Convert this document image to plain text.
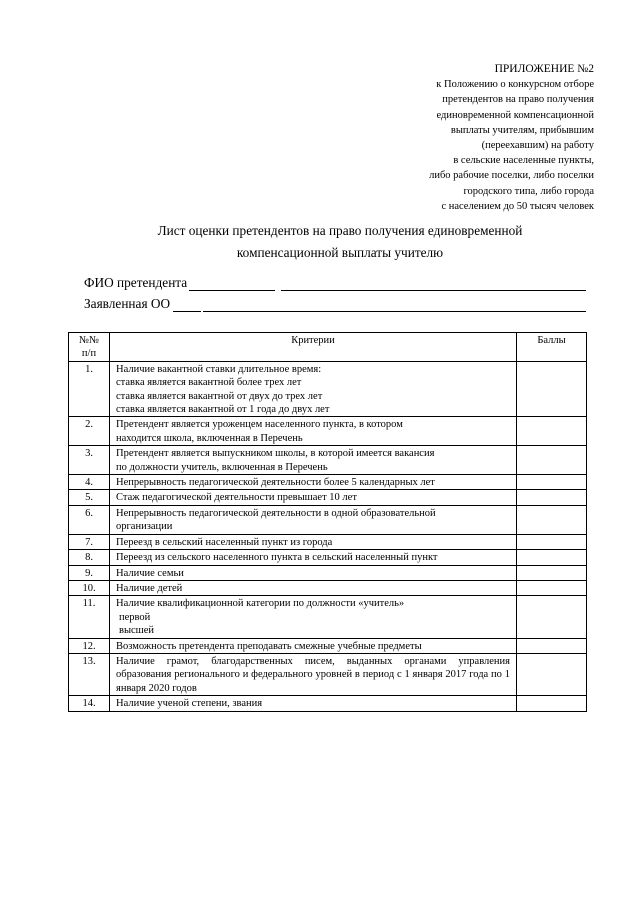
ПРИЛОЖЕНИЕ №2
к Положению о конкурсном отборе
претендентов на право получения
единовременной компенсационной
выплаты учителям, прибывшим
(переехавшим) на работу
в сельские населенные пункты,
либо рабочие поселки, либо поселки
городского типа, либо города
с населением до 50 тысяч человек
Лист оценки претендентов на право получения единовременной
компенсационной выплаты учителю
ФИО претендента
Заявленная ОО
№№
п/п	Критерии	Баллы
1.	Наличие вакантной ставки длительное время:
ставка является вакантной более трех лет
ставка является вакантной от двух до трех лет
ставка является вакантной от 1 года до двух лет	

2.	Претендент является уроженцем населенного пункта, в котором
находится школа, включенная в Перечень	

3.	Претендент является выпускником школы, в которой имеется вакансия
по должности учитель, включенная в Перечень	

4.	Непрерывность педагогической деятельности более 5 календарных лет	

5.	Стаж педагогической деятельности превышает 10 лет	

6.	Непрерывность педагогической деятельности в одной образовательной
организации	

7.	Переезд в сельский населенный пункт из города	

8.	Переезд из сельского населенного пункта в сельский населенный пункт	

9.	Наличие семьи	

10.	Наличие детей	

11.	Наличие квалификационной категории по должности «учитель»
первой
высшей	

12.	Возможность претендента преподавать смежные учебные предметы	

13.	Наличие грамот, благодарственных писем, выданных органами управления образования регионального и федерального уровней в период с 1 января 2017 года по 1 января 2020 годов	
14.	Наличие ученой степени, звания	
